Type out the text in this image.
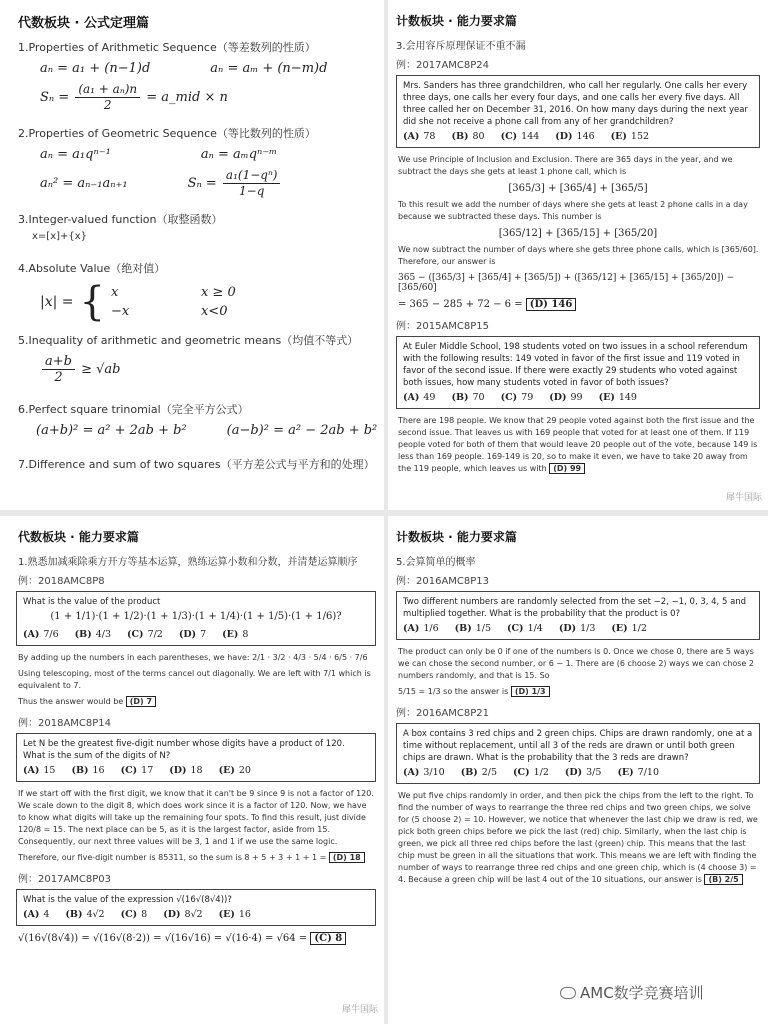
代数板块 · 公式定理篇
1.Properties of Arithmetic Sequence（等差数列的性质）
aₙ = a₁ + (n−1)d	aₙ = aₘ + (n−m)d
$S_n = \frac{\text{(a₁ + aₙ)n}}{2}$ = a_mid × n
2.Properties of Geometric Sequence（等比数列的性质）
aₙ = a₁qⁿ⁻¹	aₙ = aₘqⁿ⁻ᵐ
aₙ² = aₙ₋₁aₙ₊₁	$S_n = \frac{\text{a₁(1−qⁿ)}}{1-q}$
3.Integer-valued function（取整函数）
x=[x]+{x}
4.Absolute Value（绝对值）
|x| = { x	x ≥ 0
−x	x<0
5.Inequality of arithmetic and geometric means（均值不等式）
$\frac{a+b}{2} \ge √ab$
6.Perfect square trinomial（完全平方公式）
(a+b)² = a² + 2ab + b²	(a−b)² = a² − 2ab + b²
7.Difference and sum of two squares（平方差公式与平方和的处理）
计数板块 · 能力要求篇
3.会用容斥原理保证不重不漏
例：2017AMC8P24
Mrs. Sanders has three grandchildren, who call her regularly. One calls her every three days, one calls her every four days, and one calls her every five days. All three called her on December 31, 2016. On how many days during the next year did she not receive a phone call from any of her grandchildren?
(A) 78 (B) 80 (C) 144 (D) 146 (E) 152
We use Principle of Inclusion and Exclusion. There are 365 days in the year, and we subtract the days she gets at least 1 phone call, which is
[365/3] + [365/4] + [365/5]
To this result we add the number of days where she gets at least 2 phone calls in a day because we subtracted these days. This number is
[365/12] + [365/15] + [365/20]
We now subtract the number of days where she gets three phone calls, which is [365/60]. Therefore, our answer is
365 − ([365/3] + [365/4] + [365/5]) + ([365/12] + [365/15] + [365/20]) − [365/60]
= 365 − 285 + 72 − 6 = (D) 146
例：2015AMC8P15
At Euler Middle School, 198 students voted on two issues in a school referendum with the following results: 149 voted in favor of the first issue and 119 voted in favor of the second issue. If there were exactly 29 students who voted against both issues, how many students voted in favor of both issues?
(A) 49 (B) 70 (C) 79 (D) 99 (E) 149
There are 198 people. We know that 29 people voted against both the first issue and the second issue. That leaves us with 169 people that voted for at least one of them. If 119 people voted for both of them that would leave 20 people out of the vote, because 149 is less than 169 people. 169-149 is 20, so to make it even, we have to take 20 away from the 119 people, which leaves us with (D) 99
犀牛国际
代数板块 · 能力要求篇
1.熟悉加减乘除乘方开方等基本运算，熟练运算小数和分数，并清楚运算顺序
例：2018AMC8P8
What is the value of the product
(1 + 1/1)·(1 + 1/2)·(1 + 1/3)·(1 + 1/4)·(1 + 1/5)·(1 + 1/6)?
(A) 7/6 (B) 4/3 (C) 7/2 (D) 7 (E) 8
By adding up the numbers in each parentheses, we have: 2/1 · 3/2 · 4/3 · 5/4 · 6/5 · 7/6
Using telescoping, most of the terms cancel out diagonally. We are left with 7/1 which is equivalent to 7.
Thus the answer would be (D) 7
例：2018AMC8P14
Let N be the greatest five-digit number whose digits have a product of 120. What is the sum of the digits of N?
(A) 15 (B) 16 (C) 17 (D) 18 (E) 20
If we start off with the first digit, we know that it can't be 9 since 9 is not a factor of 120. We scale down to the digit 8, which does work since it is a factor of 120. Now, we have to know what digits will take up the remaining four spots. To find this result, just divide 120/8 = 15. The next place can be 5, as it is the largest factor, aside from 15. Consequently, our next three values will be 3, 1 and 1 if we use the same logic.
Therefore, our five-digit number is 85311, so the sum is 8 + 5 + 3 + 1 + 1 = (D) 18
例：2017AMC8P03
What is the value of the expression √(16√(8√4))?
(A) 4 (B) 4√2 (C) 8 (D) 8√2 (E) 16
√(16√(8√4)) = √(16√(8·2)) = √(16√16) = √(16·4) = √64 = (C) 8
犀牛国际
计数板块 · 能力要求篇
5.会算简单的概率
例：2016AMC8P13
Two different numbers are randomly selected from the set −2, −1, 0, 3, 4, 5 and multiplied together. What is the probability that the product is 0?
(A) 1/6 (B) 1/5 (C) 1/4 (D) 1/3 (E) 1/2
The product can only be 0 if one of the numbers is 0. Once we chose 0, there are 5 ways we can chose the second number, or 6 − 1. There are (6 choose 2) ways we can chose 2 numbers randomly, and that is 15. So
5/15 = 1/3 so the answer is (D) 1/3
例：2016AMC8P21
A box contains 3 red chips and 2 green chips. Chips are drawn randomly, one at a time without replacement, until all 3 of the reds are drawn or until both green chips are drawn. What is the probability that the 3 reds are drawn?
(A) 3/10 (B) 2/5 (C) 1/2 (D) 3/5 (E) 7/10
We put five chips randomly in order, and then pick the chips from the left to the right. To find the number of ways to rearrange the three red chips and two green chips, we solve for (5 choose 2) = 10. However, we notice that whenever the last chip we draw is red, we pick both green chips before we pick the last (red) chip. Similarly, when the last chip is green, we pick all three red chips before the last (green) chip. This means that the last chip must be green in all the situations that work. This means we are left with finding the number of ways to rearrange three red chips and one green chip, which is (4 choose 3) = 4. Because a green chip will be last 4 out of the 10 situations, our answer is (B) 2/5
AMC数学竞赛培训
